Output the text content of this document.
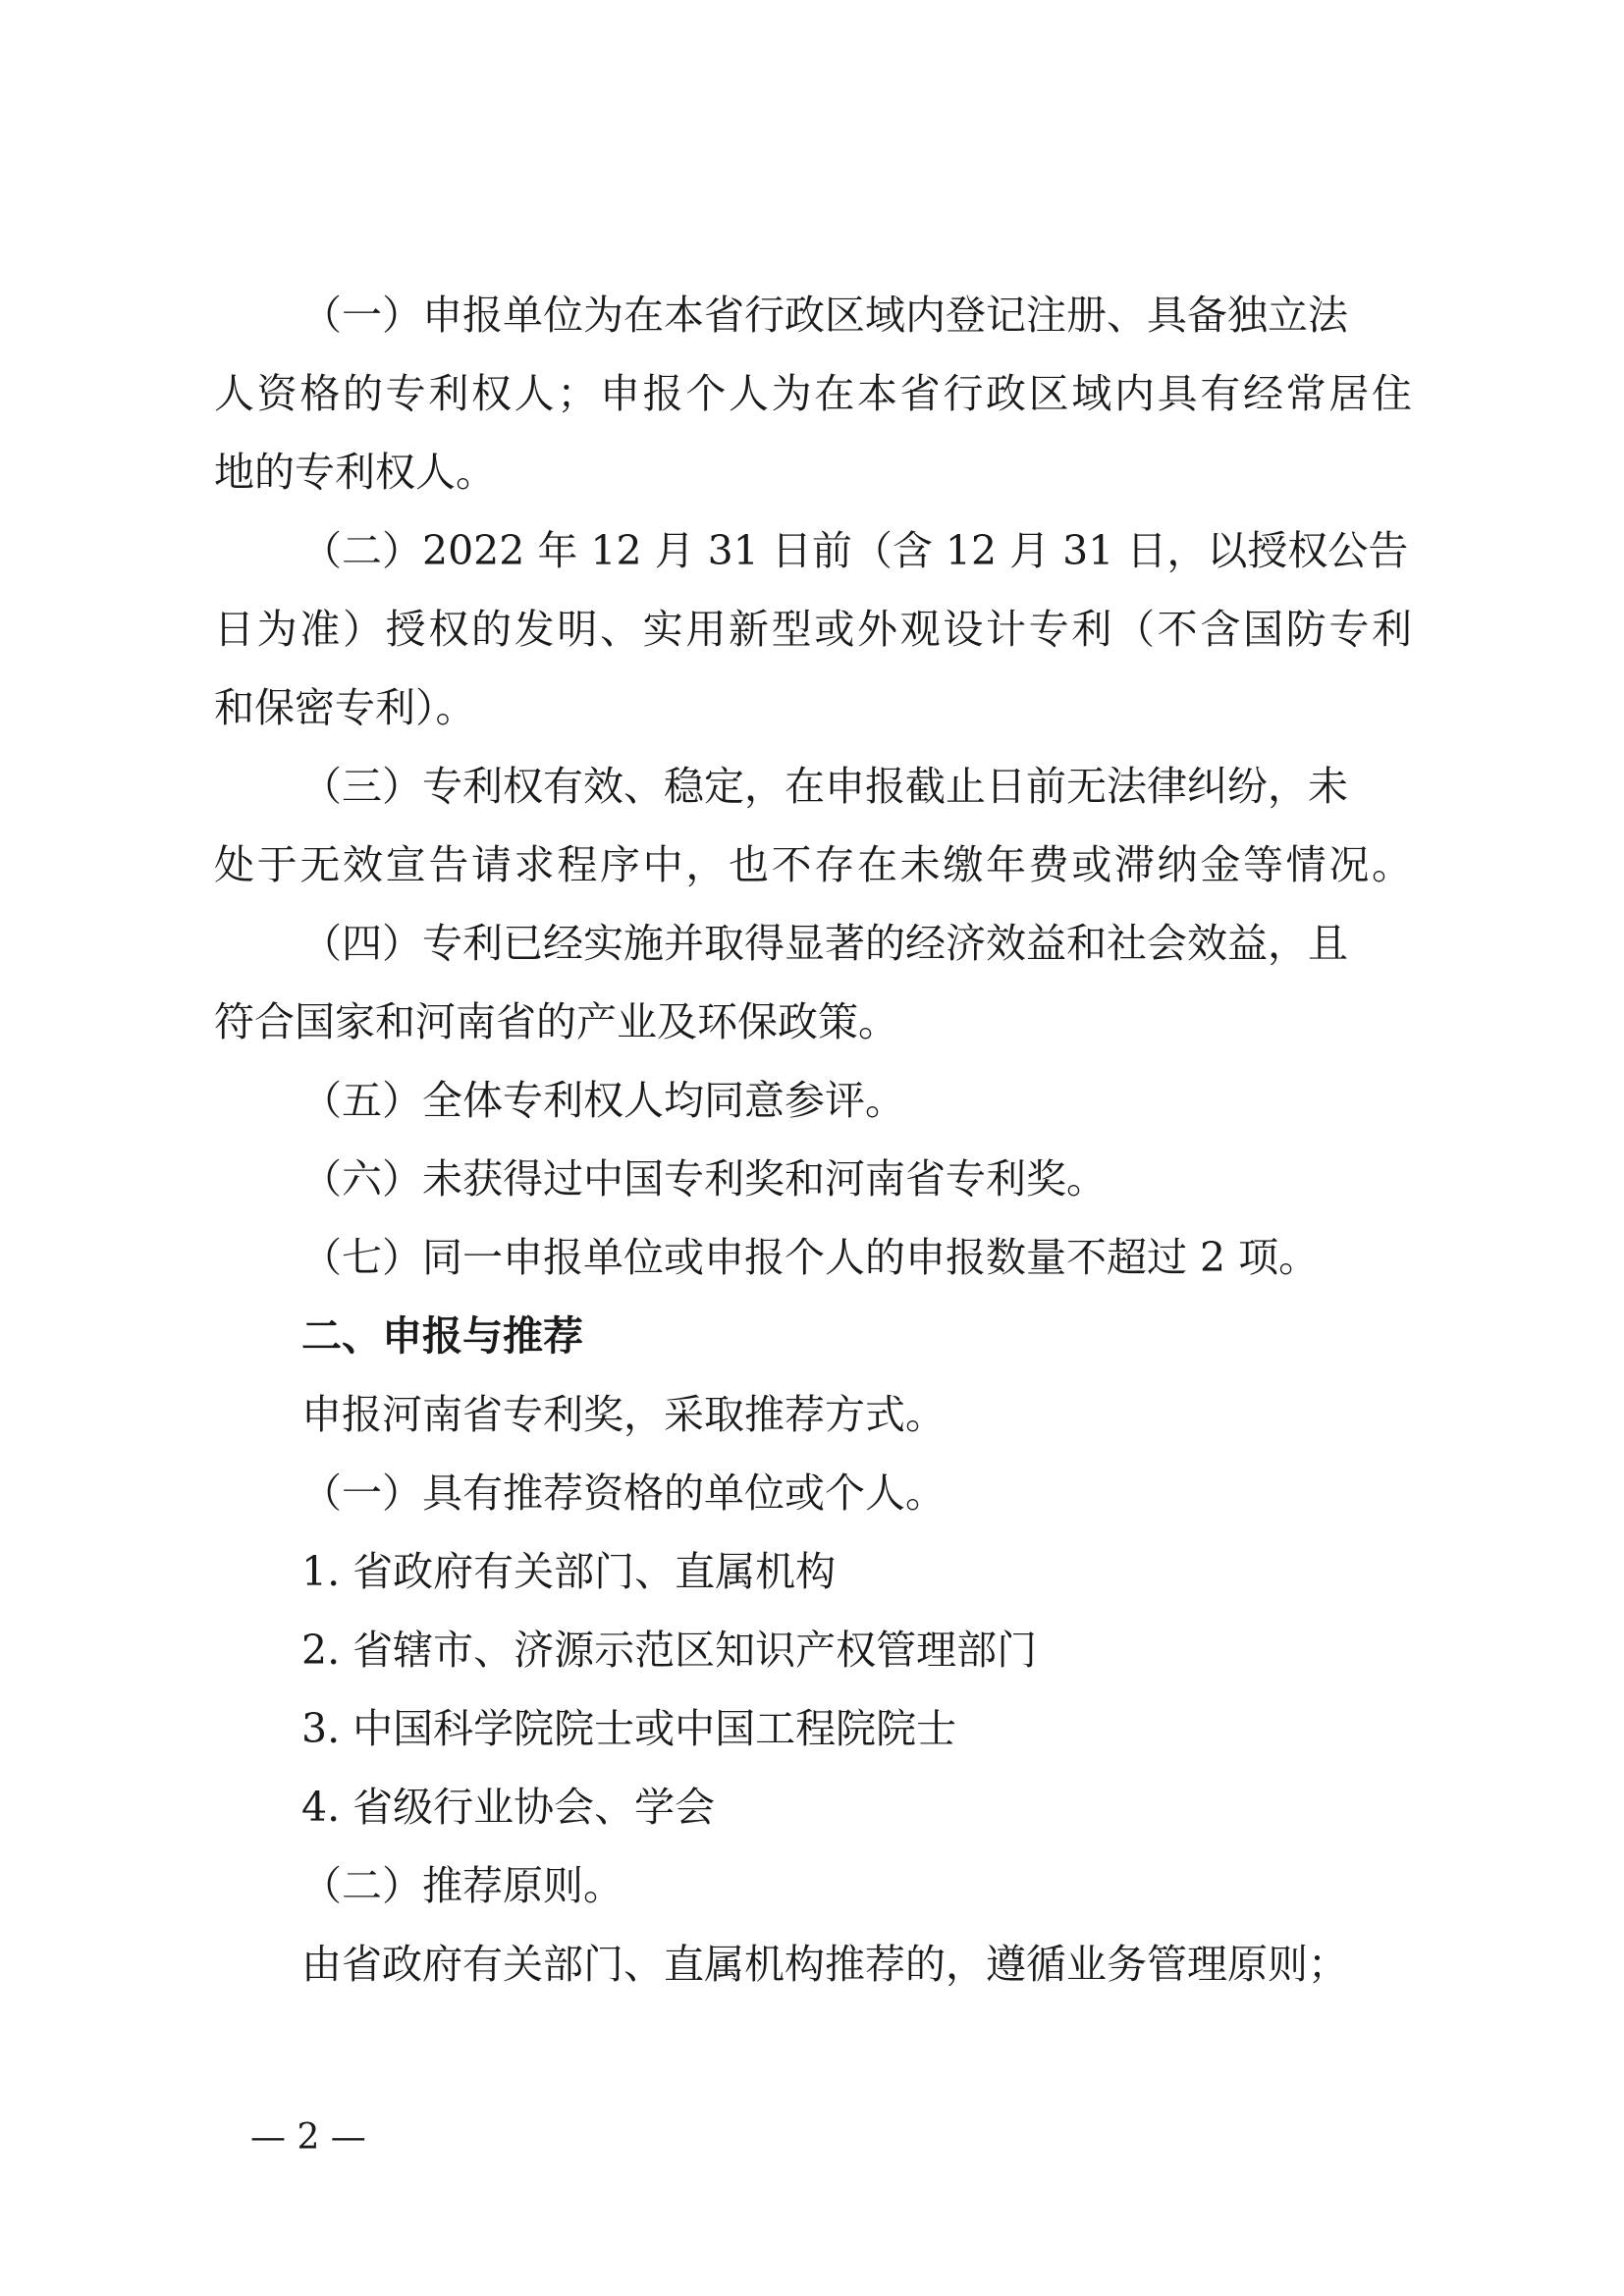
（一）申报单位为在本省行政区域内登记注册、具备独立法
人资格的专利权人；申报个人为在本省行政区域内具有经常居住
地的专利权人。
（二）2022 年 12 月 31 日前（含 12 月 31 日，以授权公告
日为准）授权的发明、实用新型或外观设计专利（不含国防专利
和保密专利）。
（三）专利权有效、稳定，在申报截止日前无法律纠纷，未
处于无效宣告请求程序中，也不存在未缴年费或滞纳金等情况。
（四）专利已经实施并取得显著的经济效益和社会效益，且
符合国家和河南省的产业及环保政策。
（五）全体专利权人均同意参评。
（六）未获得过中国专利奖和河南省专利奖。
（七）同一申报单位或申报个人的申报数量不超过 2 项。
二、申报与推荐
申报河南省专利奖，采取推荐方式。
（一）具有推荐资格的单位或个人。
1. 省政府有关部门、直属机构
2. 省辖市、济源示范区知识产权管理部门
3. 中国科学院院士或中国工程院院士
4. 省级行业协会、学会
（二）推荐原则。
由省政府有关部门、直属机构推荐的，遵循业务管理原则；
— 2 —
